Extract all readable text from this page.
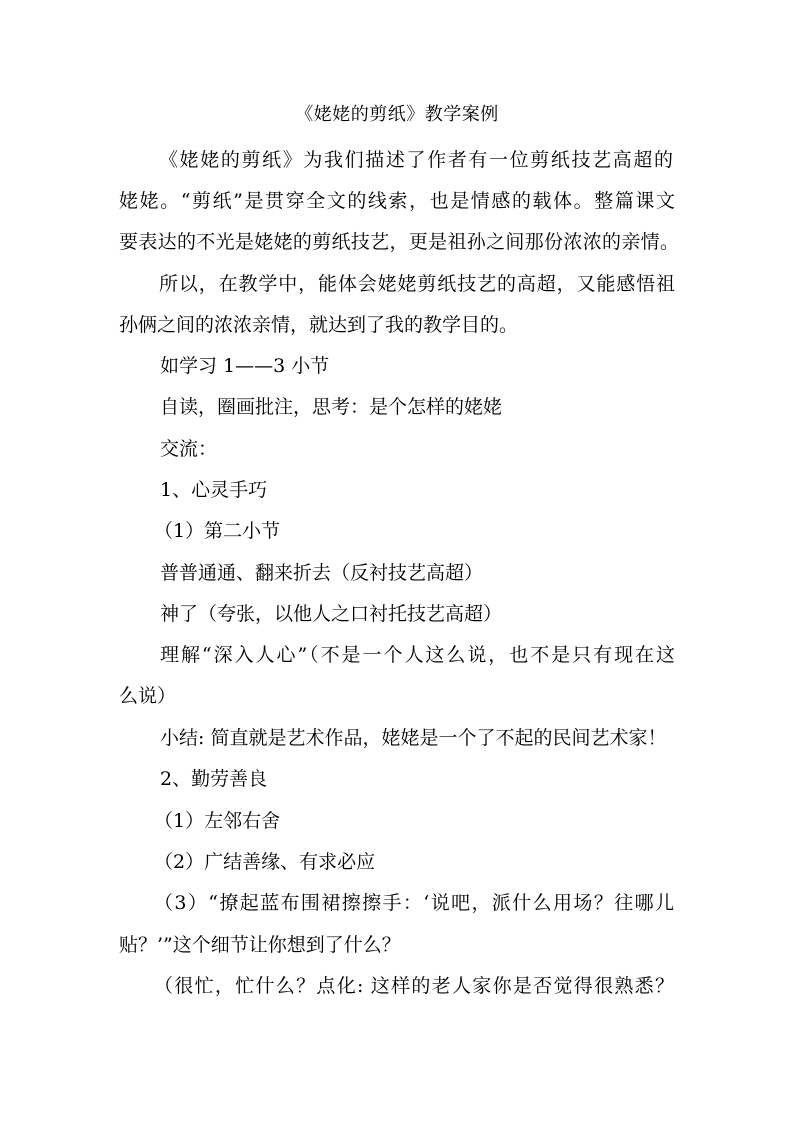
《姥姥的剪纸》教学案例
《姥姥的剪纸》为我们描述了作者有一位剪纸技艺高超的
姥姥。“剪纸”是贯穿全文的线索，也是情感的载体。整篇课文
要表达的不光是姥姥的剪纸技艺，更是祖孙之间那份浓浓的亲情。
所以，在教学中，能体会姥姥剪纸技艺的高超，又能感悟祖
孙俩之间的浓浓亲情，就达到了我的教学目的。
如学习 1——3 小节
自读，圈画批注，思考：是个怎样的姥姥
交流：
1、心灵手巧
（1）第二小节
普普通通、翻来折去（反衬技艺高超）
神了（夸张，以他人之口衬托技艺高超）
理解“深入人心”（不是一个人这么说，也不是只有现在这
么说）
小结: 简直就是艺术作品，姥姥是一个了不起的民间艺术家！
2、勤劳善良
（1）左邻右舍
（2）广结善缘、有求必应
（3）“撩起蓝布围裙擦擦手：‘说吧，派什么用场？往哪儿
贴？’”这个细节让你想到了什么？
（很忙，忙什么？点化: 这样的老人家你是否觉得很熟悉？
